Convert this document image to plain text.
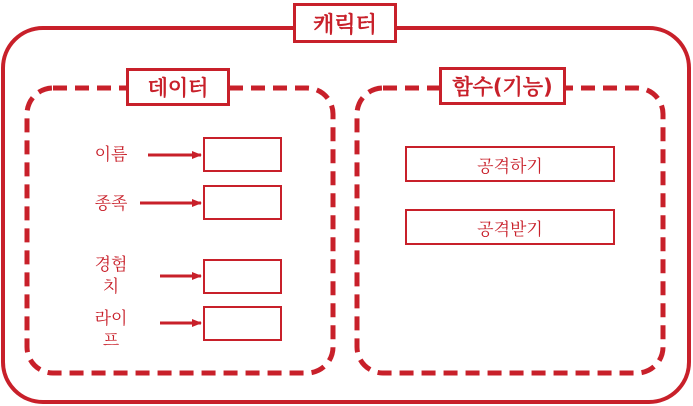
캐릭터
데이터	함수(기능)
이름
종족
경험
치
라이
프
공격하기
공격받기
